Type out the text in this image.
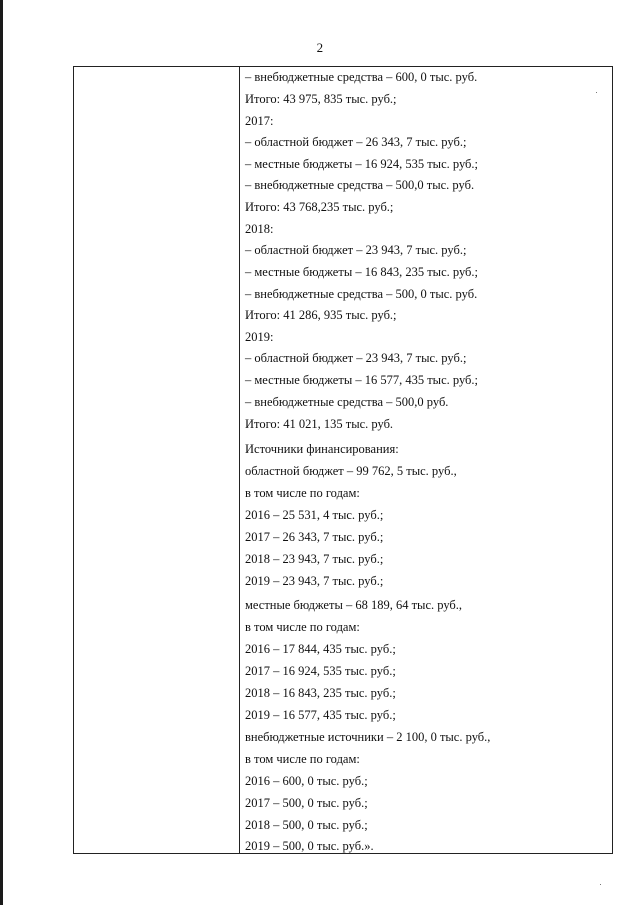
2
– внебюджетные средства – 600, 0 тыс. руб.
Итого: 43 975, 835 тыс. руб.;
2017:
– областной бюджет – 26 343, 7 тыс. руб.;
– местные бюджеты – 16 924, 535 тыс. руб.;
– внебюджетные средства – 500,0 тыс. руб.
Итого: 43 768,235 тыс. руб.;
2018:
– областной бюджет – 23 943, 7 тыс. руб.;
– местные бюджеты – 16 843, 235 тыс. руб.;
– внебюджетные средства – 500, 0 тыс. руб.
Итого: 41 286, 935 тыс. руб.;
2019:
– областной бюджет – 23 943, 7 тыс. руб.;
– местные бюджеты – 16 577, 435 тыс. руб.;
– внебюджетные средства – 500,0 руб.
Итого: 41 021, 135 тыс. руб.
Источники финансирования:
областной бюджет – 99 762, 5 тыс. руб.,
в том числе по годам:
2016 – 25 531, 4 тыс. руб.;
2017 – 26 343, 7 тыс. руб.;
2018 – 23 943, 7 тыс. руб.;
2019 – 23 943, 7 тыс. руб.;
местные бюджеты – 68 189, 64 тыс. руб.,
в том числе по годам:
2016 – 17 844, 435 тыс. руб.;
2017 – 16 924, 535 тыс. руб.;
2018 – 16 843, 235 тыс. руб.;
2019 – 16 577, 435 тыс. руб.;
внебюджетные источники – 2 100, 0 тыс. руб.,
в том числе по годам:
2016 – 600, 0 тыс. руб.;
2017 – 500, 0 тыс. руб.;
2018 – 500, 0 тыс. руб.;
2019 – 500, 0 тыс. руб.».
